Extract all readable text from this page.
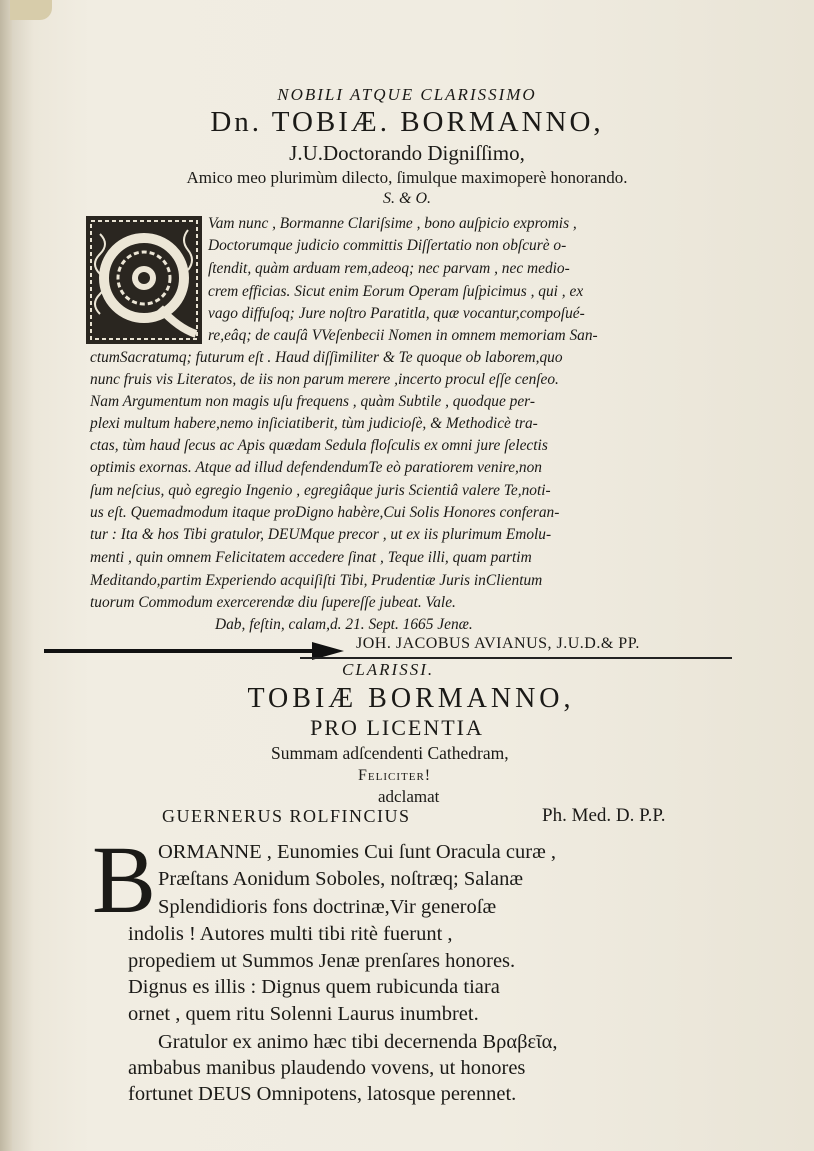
NOBILI ATQUE CLARISSIMO
Dn. TOBIÆ. BORMANNO,
J.U.Doctorando Digniſſimo,
Amico meo plurimùm dilecto, ſimulque maximoperè honorando.
S. & O.
Vam nunc , Bormanne Clariſsime , bono auſpicio expromis ,
Doctorumque judicio committis Diſſertatio non obſcurè o-
ſtendit, quàm arduam rem,adeoq; nec parvam , nec medio-
crem efficias. Sicut enim Eorum Operam ſuſpicimus , qui , ex
vago diffuſoq; Jure noſtro Paratitla, quæ vocantur,compoſué-
re,eâq; de cauſâ VVeſenbecii Nomen in omnem memoriam San-
ctumSacratumq; futurum eſt . Haud diſſimiliter & Te quoque ob laborem,quo
nunc fruis vis Literatos, de iis non parum merere ,incerto procul eſſe cenſeo.
Nam Argumentum non magis uſu frequens , quàm Subtile , quodque per-
plexi multum habere,nemo inſiciatiberit, tùm judicioſè, & Methodicè tra-
ctas, tùm haud ſecus ac Apis quædam Sedula floſculis ex omni jure ſelectis
optimis exornas. Atque ad illud defendendumTe eò paratiorem venire,non
ſum neſcius, quò egregio Ingenio , egregiâque juris Scientiâ valere Te,noti-
us eſt. Quemadmodum itaque proDigno habère,Cui Solis Honores conferan-
tur : Ita & hos Tibi gratulor, DEUMque precor , ut ex iis plurimum Emolu-
menti , quin omnem Felicitatem accedere ſinat , Teque illi, quam partim
Meditando,partim Experiendo acquiſiſti Tibi, Prudentiæ Juris inClientum
tuorum Commodum exercerendæ diu ſupereſſe jubeat. Vale.
Dab, feſtin, calam,d. 21. Sept. 1665 Jenæ.
JOH. JACOBUS AVIANUS, J.U.D.& PP.
CLARISSI.
TOBIÆ BORMANNO,
PRO LICENTIA
Summam adſcendenti Cathedram,
Feliciter!
adclamat
GUERNERUS ROLFINCIUS	Ph. Med. D. P.P.
B ORMANNE , Eunomies Cui ſunt Oracula curæ ,
Præſtans Aonidum Soboles, noſtræq; Salanæ
Splendidioris fons doctrinæ,Vir generoſæ
indolis ! Autores multi tibi ritè fuerunt ,
propediem ut Summos Jenæ prenſares honores.
Dignus es illis : Dignus quem rubicunda tiara
ornet , quem ritu Solenni Laurus inumbret.
Gratulor ex animo hæc tibi decernenda Βραβεῖα,
ambabus manibus plaudendo vovens, ut honores
fortunet DEUS Omnipotens, latosque perennet.
